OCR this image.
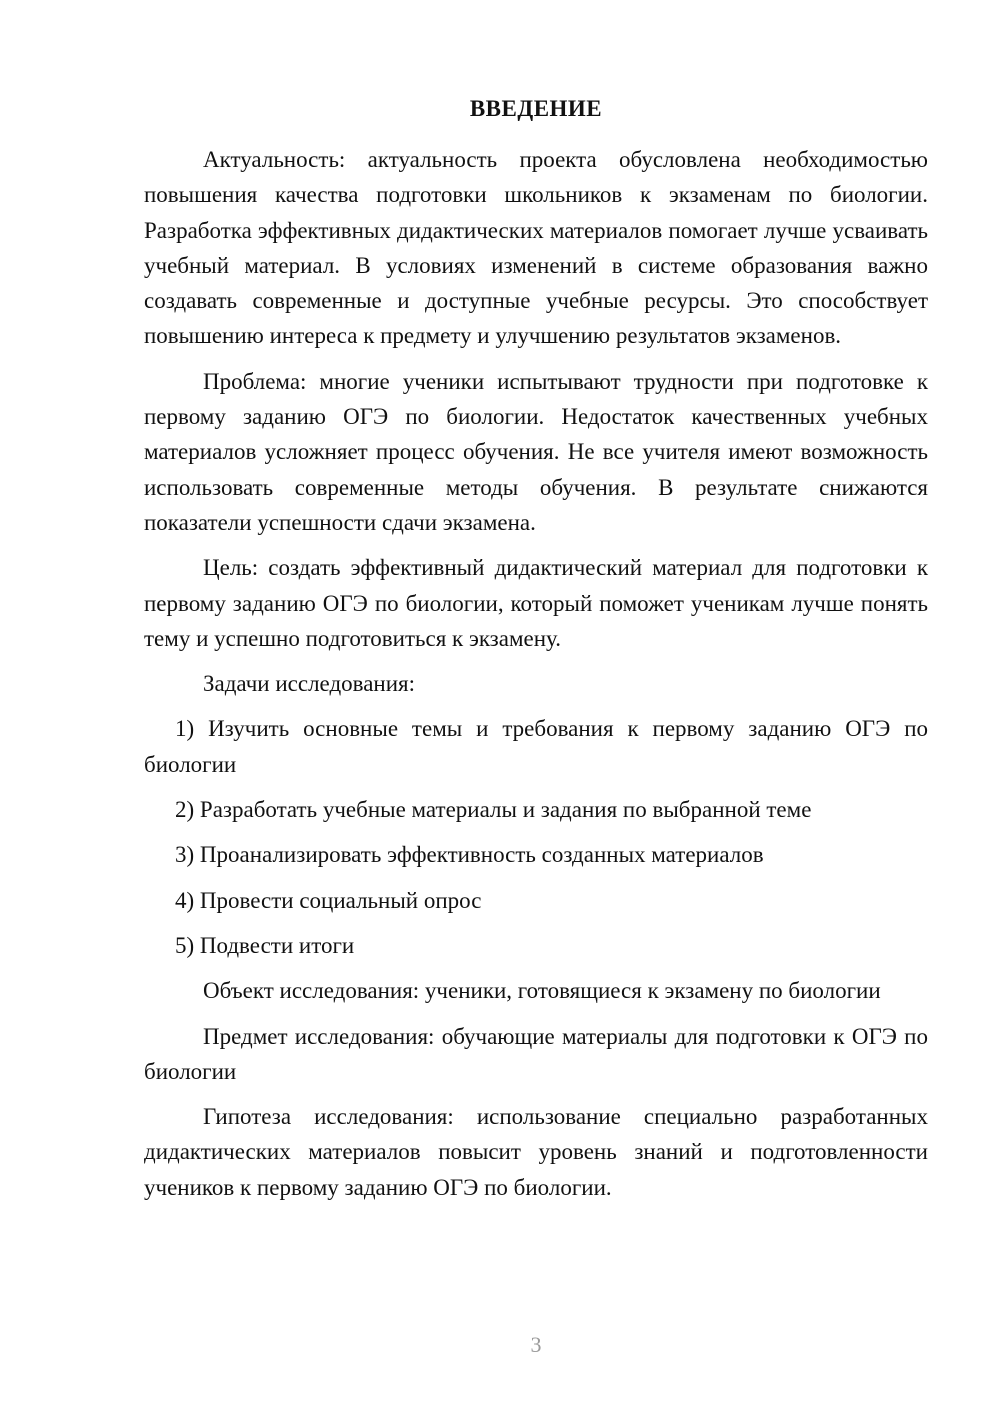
ВВЕДЕНИЕ

Актуальность: актуальность проекта обусловлена необходимостью повышения качества подготовки школьников к экзаменам по биологии. Разработка эффективных дидактических материалов помогает лучше усваивать учебный материал. В условиях изменений в системе образования важно создавать современные и доступные учебные ресурсы. Это способствует повышению интереса к предмету и улучшению результатов экзаменов.

Проблема: многие ученики испытывают трудности при подготовке к первому заданию ОГЭ по биологии. Недостаток качественных учебных материалов усложняет процесс обучения. Не все учителя имеют возможность использовать современные методы обучения. В результате снижаются показатели успешности сдачи экзамена.

Цель: создать эффективный дидактический материал для подготовки к первому заданию ОГЭ по биологии, который поможет ученикам лучше понять тему и успешно подготовиться к экзамену.

Задачи исследования:

1) Изучить основные темы и требования к первому заданию ОГЭ по биологии

2) Разработать учебные материалы и задания по выбранной теме

3) Проанализировать эффективность созданных материалов

4) Провести социальный опрос

5) Подвести итоги

Объект исследования: ученики, готовящиеся к экзамену по биологии

Предмет исследования: обучающие материалы для подготовки к ОГЭ по биологии

Гипотеза исследования: использование специально разработанных дидактических материалов повысит уровень знаний и подготовленности учеников к первому заданию ОГЭ по биологии.

3
